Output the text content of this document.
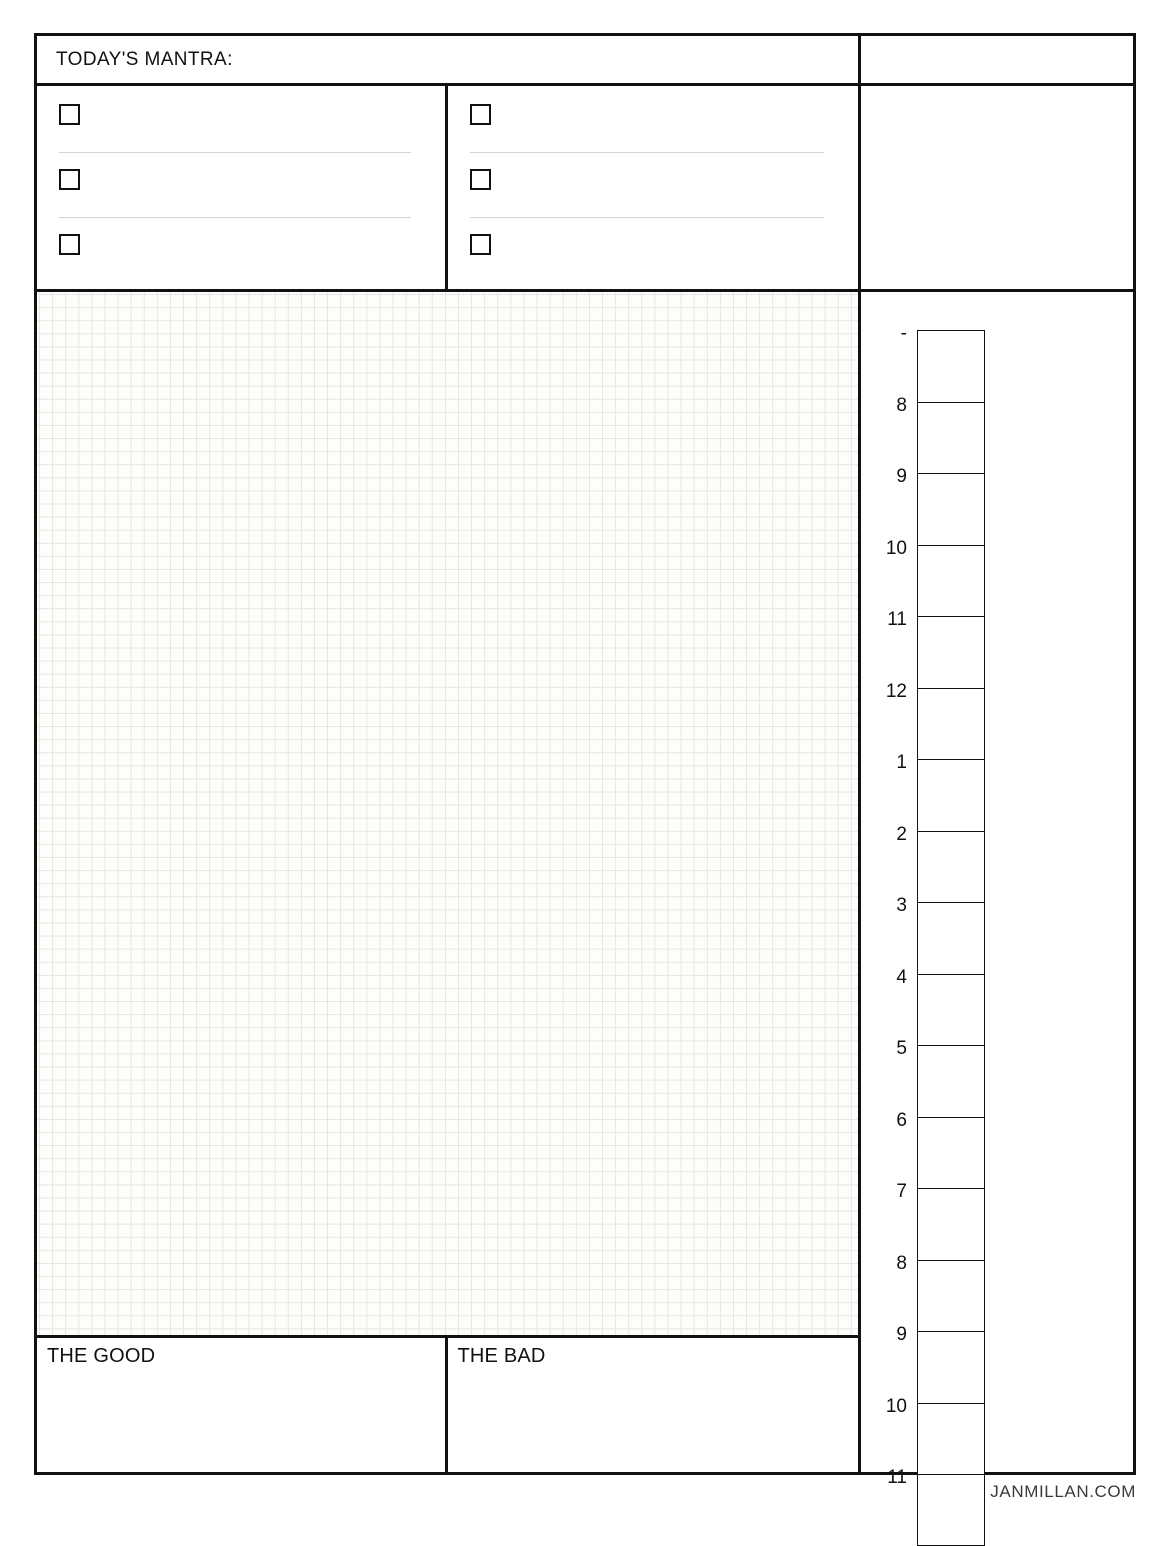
TODAY'S MANTRA:
THE GOOD	THE BAD
-
8
9
10
11
12
1
2
3
4
5
6
7
8
9
10
11
JANMILLAN.COM
